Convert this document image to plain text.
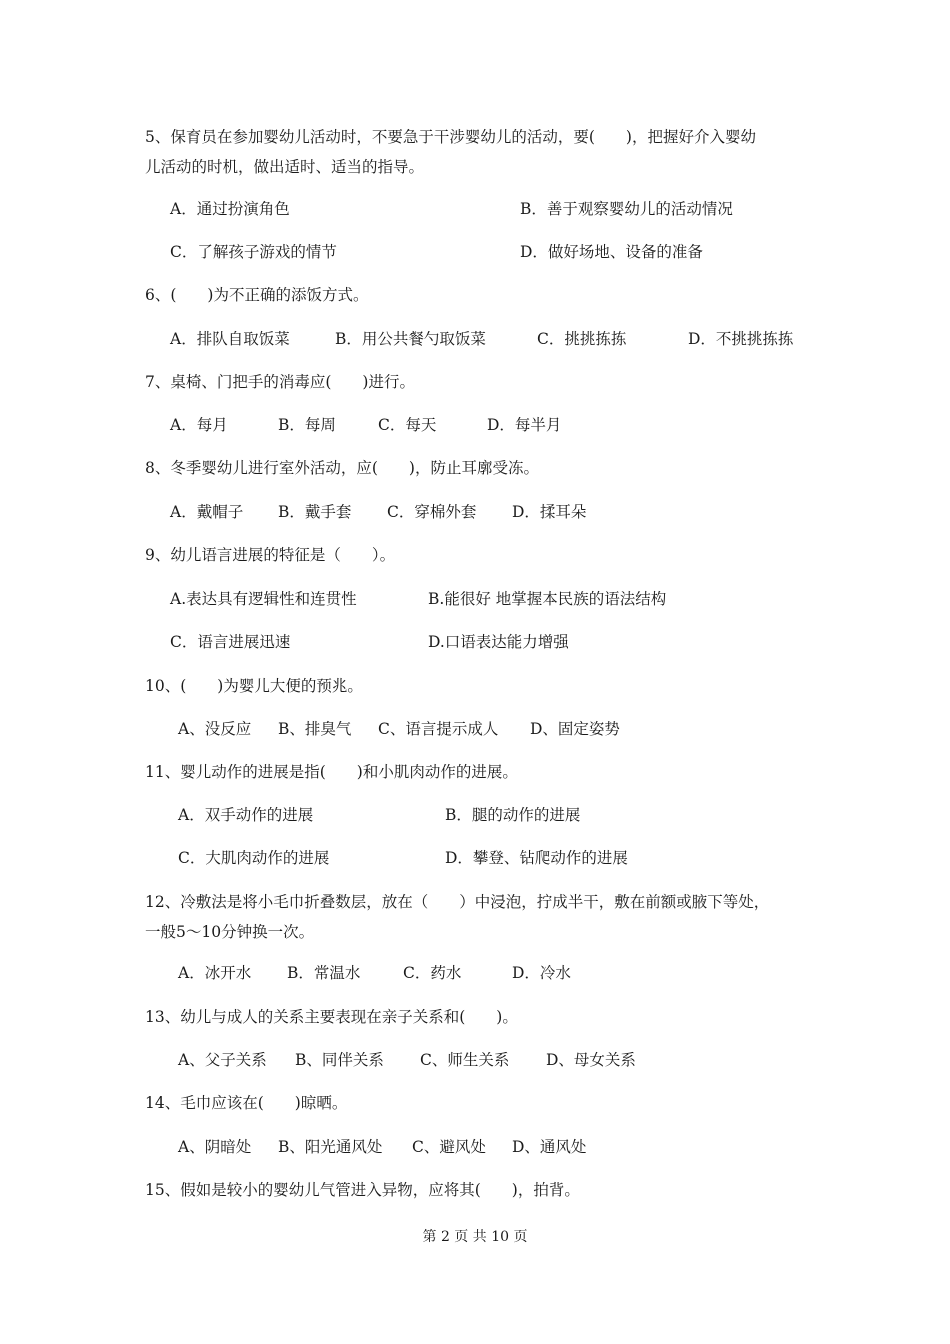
5、保育员在参加婴幼儿活动时，不要急于干涉婴幼儿的活动，要(　　)，把握好介入婴幼
儿活动的时机，做出适时、适当的指导。
A．通过扮演角色	B．善于观察婴幼儿的活动情况
C．了解孩子游戏的情节	D．做好场地、设备的准备
6、(　　)为不正确的添饭方式。
A．排队自取饭菜	B．用公共餐勺取饭菜	C．挑挑拣拣	D．不挑挑拣拣
7、桌椅、门把手的消毒应(　　)进行。
A．每月	B．每周	C．每天	D．每半月
8、冬季婴幼儿进行室外活动，应(　　)，防止耳廓受冻。
A．戴帽子 B．戴手套 C．穿棉外套 D．揉耳朵
9、幼儿语言进展的特征是（　　）。
A.表达具有逻辑性和连贯性	B.能很好 地掌握本民族的语法结构
C．语言进展迅速	D.口语表达能力增强
10、(　　)为婴儿大便的预兆。
A、没反应 B、排臭气 C、语言提示成人 D、固定姿势
11、婴儿动作的进展是指(　　)和小肌肉动作的进展。
A．双手动作的进展	B．腿的动作的进展
C．大肌肉动作的进展	D．攀登、钻爬动作的进展
12、冷敷法是将小毛巾折叠数层，放在（　　）中浸泡，拧成半干，敷在前额或腋下等处，
一般5～10分钟换一次。
A．冰开水 B．常温水	C．药水	D．冷水
13、幼儿与成人的关系主要表现在亲子关系和(　　)。
A、父子关系 B、同伴关系 C、师生关系 D、母女关系
14、毛巾应该在(　　)晾晒。
A、阴暗处 B、阳光通风处 C、避风处 D、通风处
15、假如是较小的婴幼儿气管进入异物，应将其(　　)，拍背。
第 2 页 共 10 页
